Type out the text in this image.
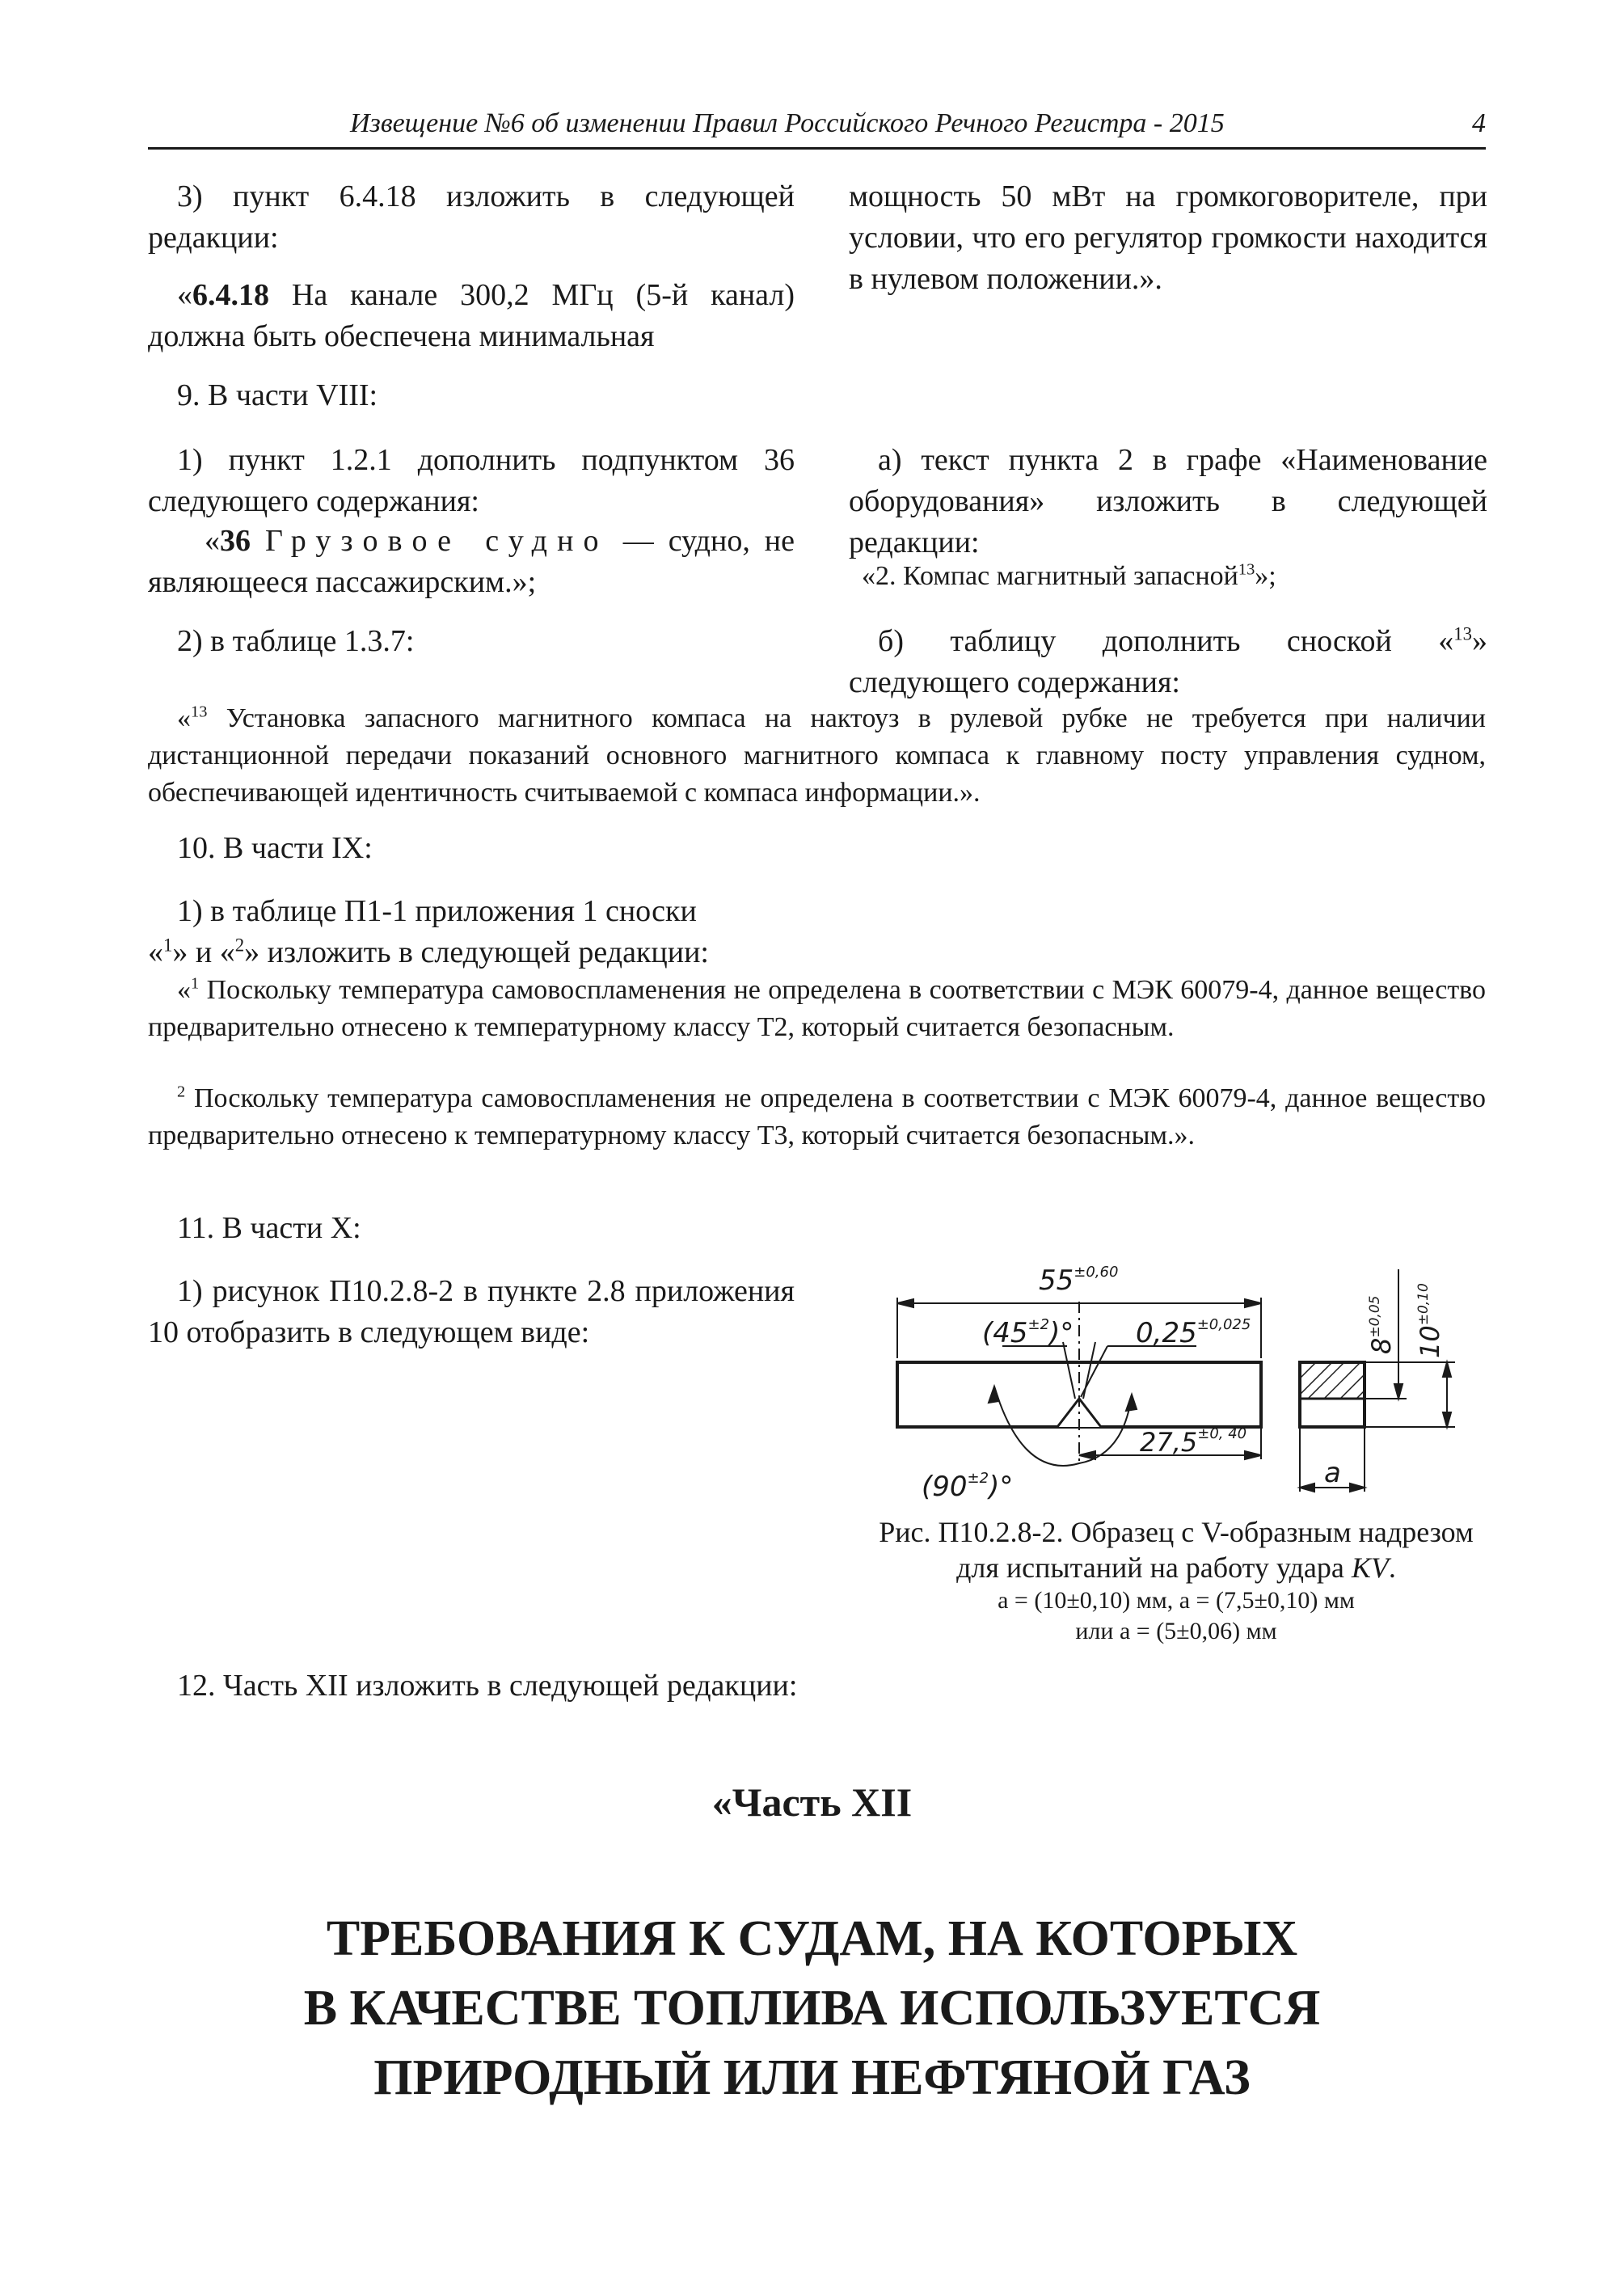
Извещение №6 об изменении Правил Российского Речного Регистра - 2015	4

3) пункт 6.4.18 изложить в следующей редакции:

«6.4.18 На канале 300,2 МГц (5-й канал) должна быть обеспечена минимальная

мощность 50 мВт на громкоговорителе, при условии, что его регулятор громкости находится в нулевом положении.».

9. В части VIII:

1) пункт 1.2.1 дополнить подпунктом 36 следующего содержания:

«36 Грузовое судно — судно, не являющееся пассажирским.»;

2) в таблице 1.3.7:

а) текст пункта 2 в графе «Наименование оборудования» изложить в следующей редакции:

«2. Компас магнитный запасной$^{13}$»;

б) таблицу дополнить сноской «$^{13}$» следующего содержания:

«$^{13}$ Установка запасного магнитного компаса на нактоуз в рулевой рубке не требуется при наличии дистанционной передачи показаний основного магнитного компаса к главному посту управления судном, обеспечивающей идентичность считываемой с компаса информации.».

10. В части IX:

1) в таблице П1-1 приложения 1 сноски

«$^1$» и «$^2$» изложить в следующей редакции:

«$^1$ Поскольку температура самовоспламенения не определена в соответствии с МЭК 60079-4, данное вещество предварительно отнесено к температурному классу Т2, который считается безопасным.

$^2$ Поскольку температура самовоспламенения не определена в соответствии с МЭК 60079-4, данное вещество предварительно отнесено к температурному классу Т3, который считается безопасным.».

11. В части X:

1) рисунок П10.2.8-2 в пункте 2.8 приложения 10 отобразить в следующем виде:

$55^{\pm 0,60}$
$(45^{\pm 2})^\circ$ $0,25^{\pm 0,025}$
$(90^{\pm 2})^\circ$
$27,5^{\pm 0, 40}$
a
$8^{\pm 0,05}$
$10^{\pm 0,10}$
Рис. П10.2.8-2. Образец с V-образным надрезом
для испытаний на работу удара KV.
a = (10±0,10) мм, a = (7,5±0,10) мм
или a = (5±0,06) мм

12. Часть XII изложить в следующей редакции:

«Часть XII
ТРЕБОВАНИЯ К СУДАМ, НА КОТОРЫХ
В КАЧЕСТВЕ ТОПЛИВА ИСПОЛЬЗУЕТСЯ
ПРИРОДНЫЙ ИЛИ НЕФТЯНОЙ ГАЗ
